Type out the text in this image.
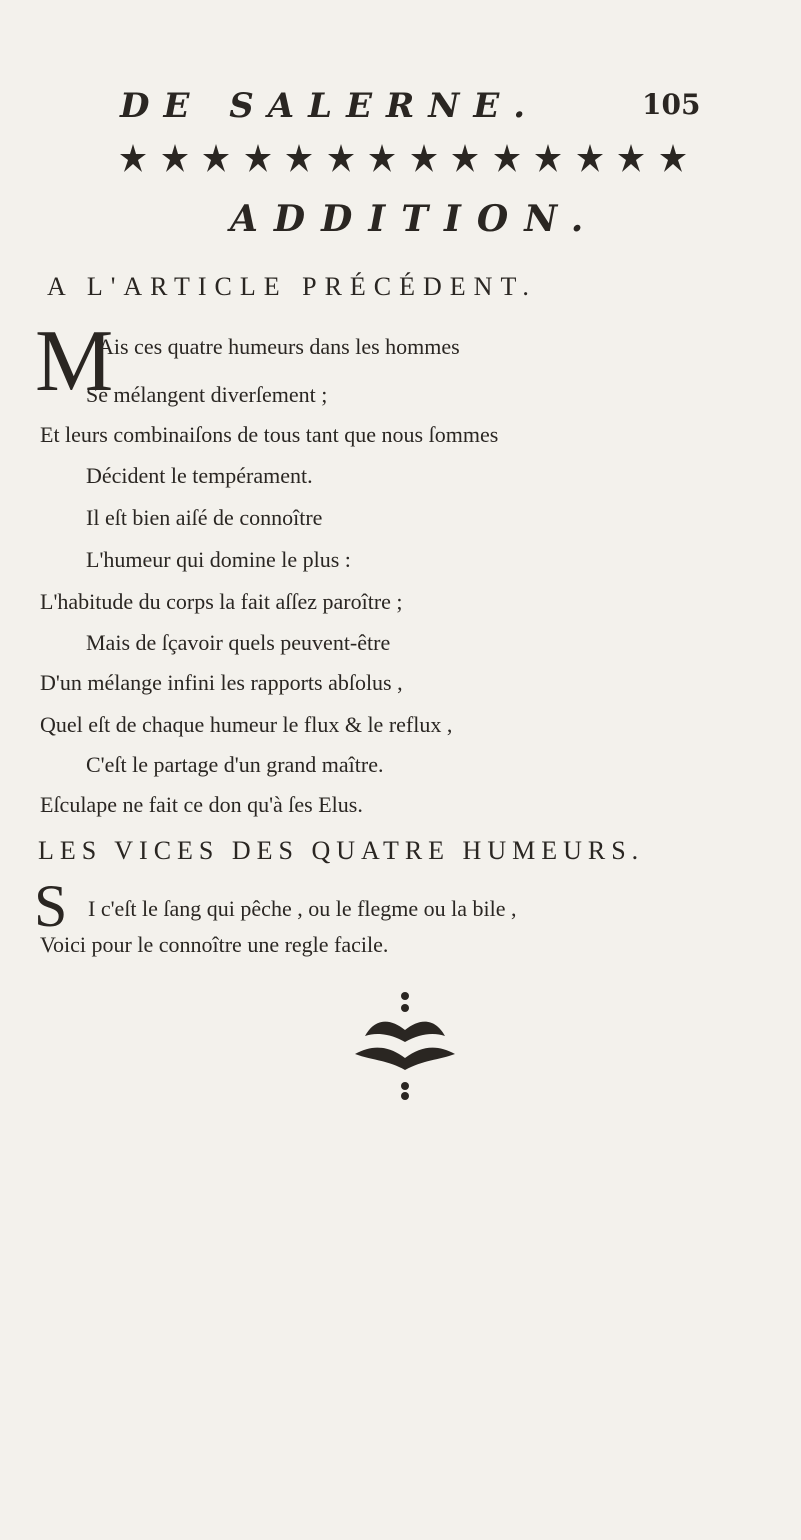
DE SALERNE.	105
ADDITION.
A L'ARTICLE PRÉCÉDENT.
M
Ais ces quatre humeurs dans les hommes
Se mélangent diverſement ;
Et leurs combinaiſons de tous tant que nous ſommes
Décident le tempérament.
Il eſt bien aiſé de connoître
L'humeur qui domine le plus :
L'habitude du corps la fait aſſez paroître ;
Mais de ſçavoir quels peuvent-être
D'un mélange infini les rapports abſolus ,
Quel eſt de chaque humeur le flux & le reflux ,
C'eſt le partage d'un grand maître.
Eſculape ne fait ce don qu'à ſes Elus.
LES VICES DES QUATRE HUMEURS.
S I c'eſt le ſang qui pêche , ou le flegme ou la bile ,
Voici pour le connoître une regle facile.
